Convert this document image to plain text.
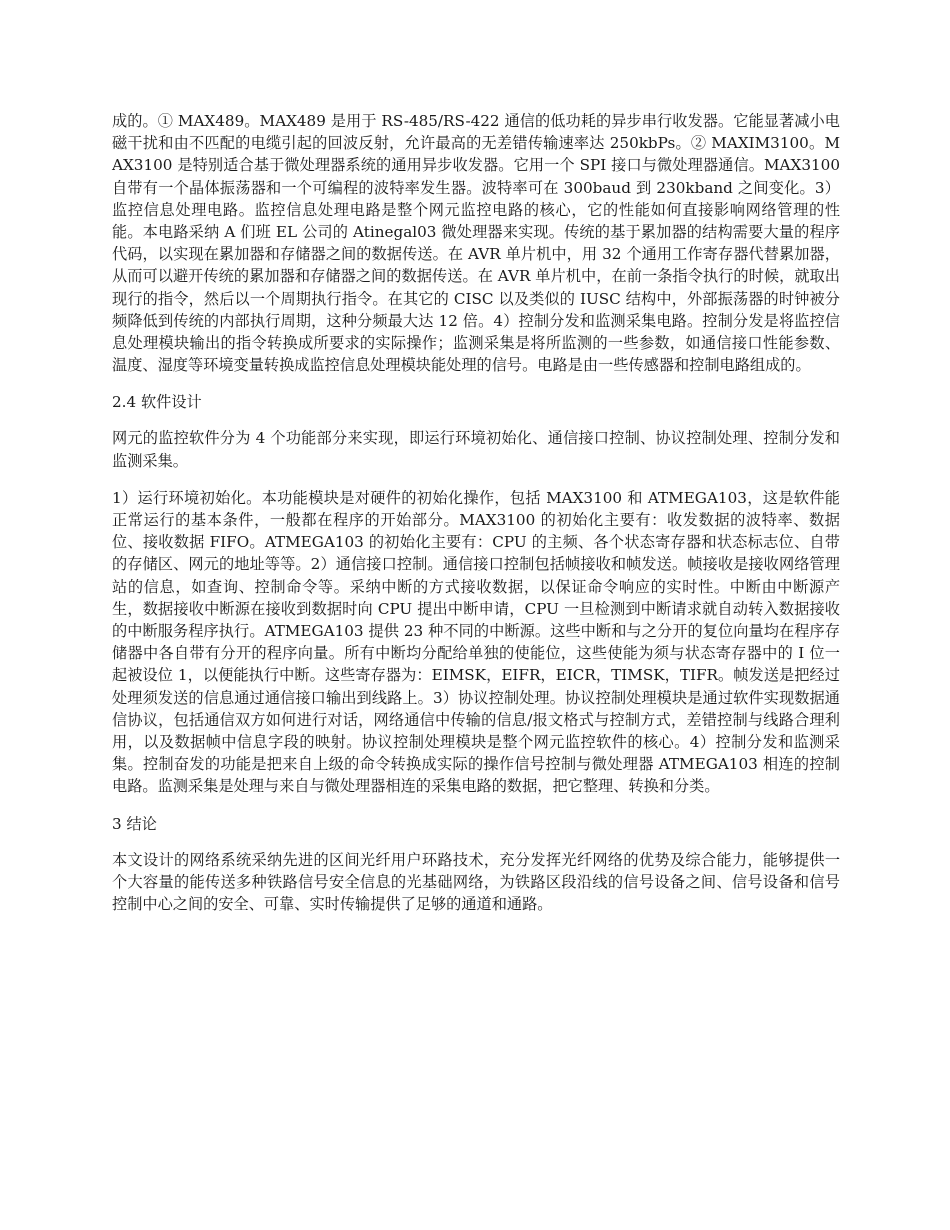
成的。① MAX489。MAX489 是用于 RS-485/RS-422 通信的低功耗的异步串行收发器。它能显著减小电磁干扰和由不匹配的电缆引起的回波反射，允许最高的无差错传输速率达 250kbPs。② MAXIM3100。MAX3100 是特别适合基于微处理器系统的通用异步收发器。它用一个 SPI 接口与微处理器通信。MAX3100 自带有一个晶体振荡器和一个可编程的波特率发生器。波特率可在 300baud 到 230kband 之间变化。3）监控信息处理电路。监控信息处理电路是整个网元监控电路的核心，它的性能如何直接影响网络管理的性能。本电路采纳 A 们班 EL 公司的 Atinegal03 微处理器来实现。传统的基于累加器的结构需要大量的程序代码，以实现在累加器和存储器之间的数据传送。在 AVR 单片机中，用 32 个通用工作寄存器代替累加器，从而可以避开传统的累加器和存储器之间的数据传送。在 AVR 单片机中，在前一条指令执行的时候，就取出现行的指令，然后以一个周期执行指令。在其它的 CISC 以及类似的 IUSC 结构中，外部振荡器的时钟被分频降低到传统的内部执行周期，这种分频最大达 12 倍。4）控制分发和监测采集电路。控制分发是将监控信息处理模块输出的指令转换成所要求的实际操作；监测采集是将所监测的一些参数，如通信接口性能参数、温度、湿度等环境变量转换成监控信息处理模块能处理的信号。电路是由一些传感器和控制电路组成的。

2.4 软件设计

网元的监控软件分为 4 个功能部分来实现，即运行环境初始化、通信接口控制、协议控制处理、控制分发和监测采集。

1）运行环境初始化。本功能模块是对硬件的初始化操作，包括 MAX3100 和 ATMEGA103，这是软件能正常运行的基本条件，一般都在程序的开始部分。MAX3100 的初始化主要有：收发数据的波特率、数据位、接收数据 FIFO。ATMEGA103 的初始化主要有：CPU 的主频、各个状态寄存器和状态标志位、自带的存储区、网元的地址等等。2）通信接口控制。通信接口控制包括帧接收和帧发送。帧接收是接收网络管理站的信息，如查询、控制命令等。采纳中断的方式接收数据，以保证命令响应的实时性。中断由中断源产生，数据接收中断源在接收到数据时向 CPU 提出中断申请，CPU 一旦检测到中断请求就自动转入数据接收的中断服务程序执行。ATMEGA103 提供 23 种不同的中断源。这些中断和与之分开的复位向量均在程序存储器中各自带有分开的程序向量。所有中断均分配给单独的使能位，这些使能为须与状态寄存器中的 I 位一起被设位 1，以便能执行中断。这些寄存器为：EIMSK，EIFR，EICR，TIMSK，TIFR。帧发送是把经过处理须发送的信息通过通信接口输出到线路上。3）协议控制处理。协议控制处理模块是通过软件实现数据通信协议，包括通信双方如何进行对话，网络通信中传输的信息/报文格式与控制方式，差错控制与线路合理利用，以及数据帧中信息字段的映射。协议控制处理模块是整个网元监控软件的核心。4）控制分发和监测采集。控制奋发的功能是把来自上级的命令转换成实际的操作信号控制与微处理器 ATMEGA103 相连的控制电路。监测采集是处理与来自与微处理器相连的采集电路的数据，把它整理、转换和分类。

3 结论

本文设计的网络系统采纳先进的区间光纤用户环路技术，充分发挥光纤网络的优势及综合能力，能够提供一个大容量的能传送多种铁路信号安全信息的光基础网络，为铁路区段沿线的信号设备之间、信号设备和信号控制中心之间的安全、可靠、实时传输提供了足够的通道和通路。
